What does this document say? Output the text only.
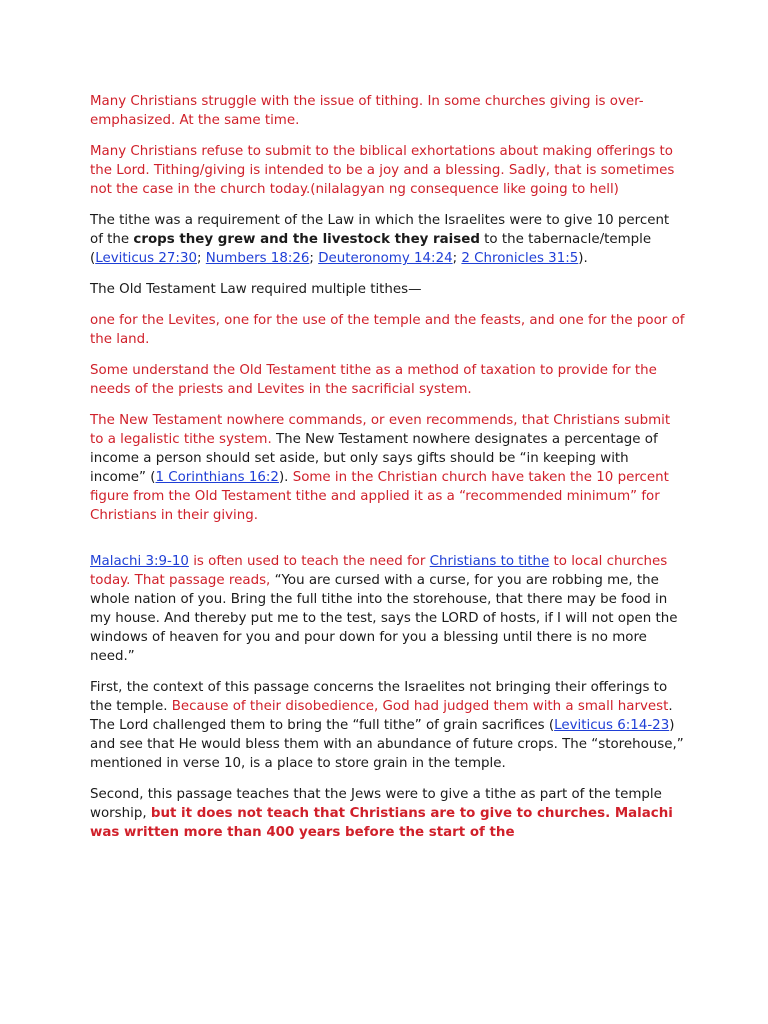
Many Christians struggle with the issue of tithing. In some churches giving is over-emphasized. At the same time.

Many Christians refuse to submit to the biblical exhortations about making offerings to the Lord. Tithing/giving is intended to be a joy and a blessing. Sadly, that is sometimes not the case in the church today.(nilalagyan ng consequence like going to hell)

The tithe was a requirement of the Law in which the Israelites were to give 10 percent of the crops they grew and the livestock they raised to the tabernacle/temple (Leviticus 27:30; Numbers 18:26; Deuteronomy 14:24; 2 Chronicles 31:5).

The Old Testament Law required multiple tithes—

one for the Levites, one for the use of the temple and the feasts, and one for the poor of the land.

Some understand the Old Testament tithe as a method of taxation to provide for the needs of the priests and Levites in the sacrificial system.

The New Testament nowhere commands, or even recommends, that Christians submit to a legalistic tithe system. The New Testament nowhere designates a percentage of income a person should set aside, but only says gifts should be “in keeping with income” (1 Corinthians 16:2). Some in the Christian church have taken the 10 percent figure from the Old Testament tithe and applied it as a “recommended minimum” for Christians in their giving.

Malachi 3:9-10 is often used to teach the need for Christians to tithe to local churches today. That passage reads, “You are cursed with a curse, for you are robbing me, the whole nation of you. Bring the full tithe into the storehouse, that there may be food in my house. And thereby put me to the test, says the LORD of hosts, if I will not open the windows of heaven for you and pour down for you a blessing until there is no more need.”

First, the context of this passage concerns the Israelites not bringing their offerings to the temple. Because of their disobedience, God had judged them with a small harvest. The Lord challenged them to bring the “full tithe” of grain sacrifices (Leviticus 6:14-23) and see that He would bless them with an abundance of future crops. The “storehouse,” mentioned in verse 10, is a place to store grain in the temple.

Second, this passage teaches that the Jews were to give a tithe as part of the temple worship, but it does not teach that Christians are to give to churches. Malachi was written more than 400 years before the start of the
